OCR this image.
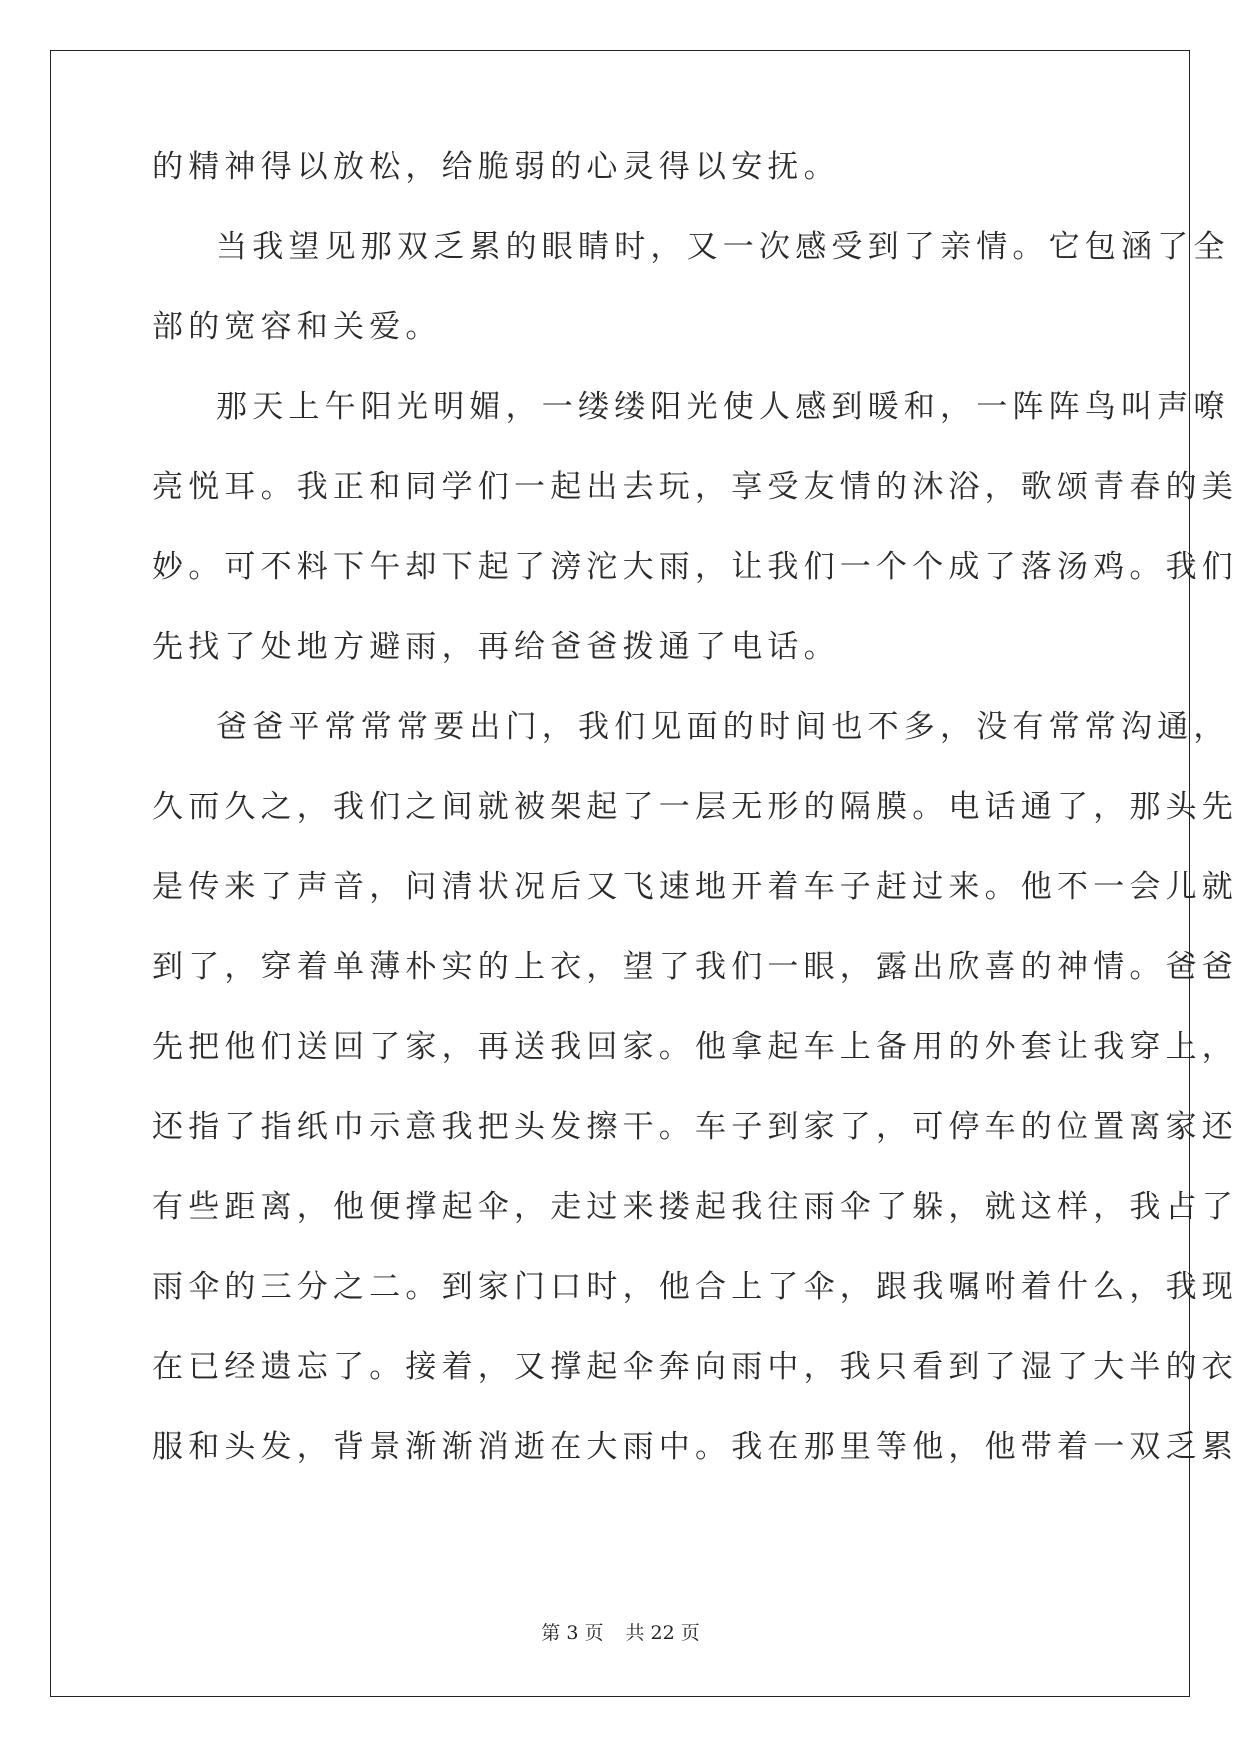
的精神得以放松，给脆弱的心灵得以安抚。
当我望见那双乏累的眼睛时，又一次感受到了亲情。它包涵了全
部的宽容和关爱。
那天上午阳光明媚，一缕缕阳光使人感到暖和，一阵阵鸟叫声嘹
亮悦耳。我正和同学们一起出去玩，享受友情的沐浴，歌颂青春的美
妙。可不料下午却下起了滂沱大雨，让我们一个个成了落汤鸡。我们
先找了处地方避雨，再给爸爸拨通了电话。
爸爸平常常常要出门，我们见面的时间也不多，没有常常沟通，
久而久之，我们之间就被架起了一层无形的隔膜。电话通了，那头先
是传来了声音，问清状况后又飞速地开着车子赶过来。他不一会儿就
到了，穿着单薄朴实的上衣，望了我们一眼，露出欣喜的神情。爸爸
先把他们送回了家，再送我回家。他拿起车上备用的外套让我穿上，
还指了指纸巾示意我把头发擦干。车子到家了，可停车的位置离家还
有些距离，他便撑起伞，走过来搂起我往雨伞了躲，就这样，我占了
雨伞的三分之二。到家门口时，他合上了伞，跟我嘱咐着什么，我现
在已经遗忘了。接着，又撑起伞奔向雨中，我只看到了湿了大半的衣
服和头发，背景渐渐消逝在大雨中。我在那里等他，他带着一双乏累
第 3 页 共 22 页
